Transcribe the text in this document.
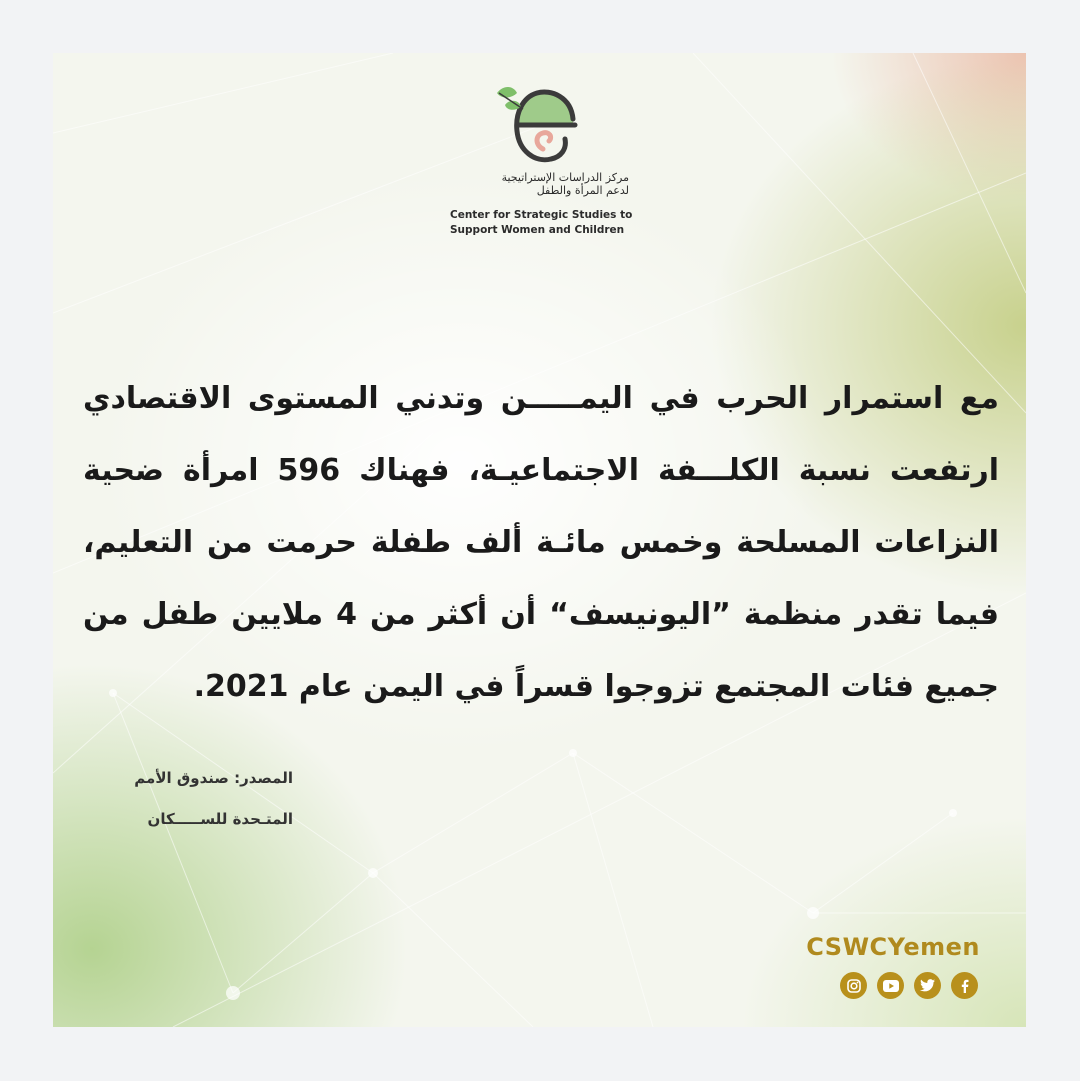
مركز الدراسات الإستراتيجية
لدعم المرأة والطفل
Center for Strategic Studies to
Support Women and Children

مع استمرار الحرب في اليمـــــن وتدني المستوى الاقتصادي

ارتفعت نسبة الكلـــفة الاجتماعيـة، فهناك 596 امرأة ضحية

النزاعات المسلحة وخمس مائـة ألف طفلة حرمت من التعليم،

فيما تقدر منظمة ”اليونيسف“ أن أكثر من 4 ملايين طفل من

جميع فئات المجتمع تزوجوا قسراً في اليمن عام 2021.

المصدر: صندوق الأمم
المتـحدة للســـــكان
CSWCYemen
